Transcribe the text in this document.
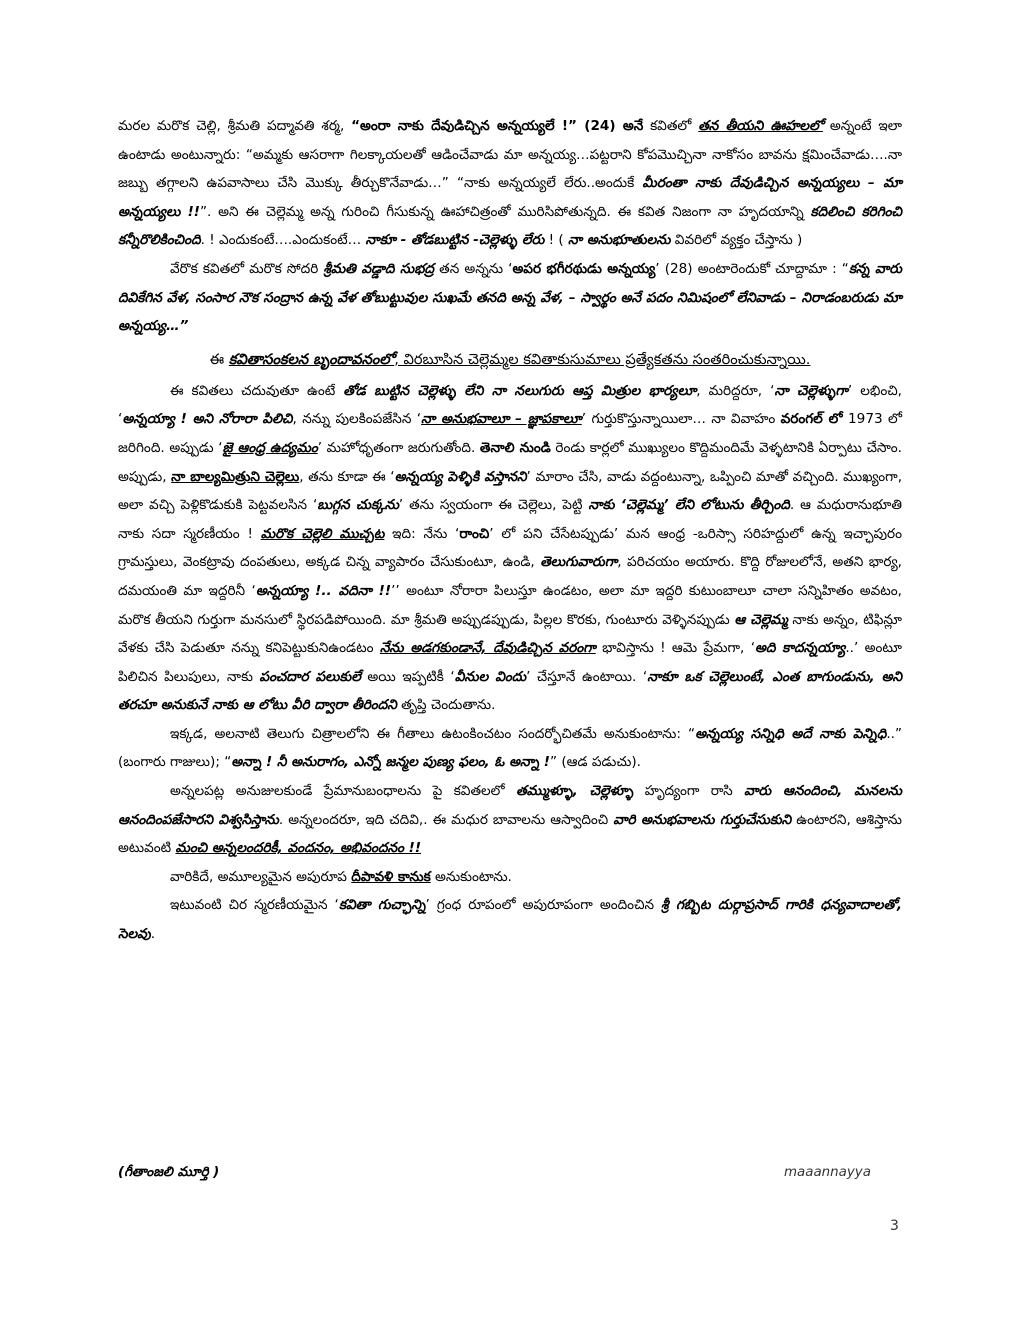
మరల మరొక చెల్లి, శ్రీమతి పద్మావతి శర్మ, “అంరా నాకు దేవుడిచ్చిన అన్నయ్యలే !” (24) అనే కవితలో తన తీయని ఊహలలో అన్నంటే ఇలా ఉంటాడు అంటున్నారు: “అమ్మకు ఆసరాగా గిలక్కాయలతో ఆడించేవాడు మా అన్నయ్య…పట్టరాని కోపమొచ్చినా నాకోసం బావను క్షమించేవాడు….నా జబ్బు తగ్గాలని ఉపవాసాలు చేసి మొక్కు తీర్చుకొనేవాడు…” “నాకు అన్నయ్యలే లేరు..అందుకే మీరంతా నాకు దేవుడిచ్చిన అన్నయ్యలు – మా అన్నయ్యలు !!”. అని ఈ చెల్లెమ్మ అన్న గురించి గీసుకున్న ఊహాచిత్రంతో మురిసిపోతున్నది. ఈ కవిత నిజంగా నా హృదయాన్ని కదిలించి కరిగించి కన్నీరొలికించింది. ! ఎందుకంటే….ఎందుకంటే… నాకూ - తోడబుట్టిన -చెల్లెళ్ళు లేరు ! ( నా అనుభూతులను వివరిలో వ్యక్తం చేస్తాను )

వేరొక కవితలో మరొక సోదరి శ్రీమతి వడ్డాది సుభద్ర తన అన్నను ‘అపర భగీరథుడు అన్నయ్య’ (28) అంటారెందుకో చూద్దామా : “కన్న వారు దివికేగిన వేళ, సంసార నౌక సంద్రాన ఉన్న వేళ తోబుట్టువుల సుఖమే తనది అన్న వేళ, – స్వార్థం అనే పదం నిమిషంలో లేనివాడు – నిరాడంబరుడు మా అన్నయ్య…”

ఈ కవితాసంకలన బృందావనంలో, విరబూసిన చెల్లెమ్మల కవితాకుసుమాలు ప్రత్యేకతను సంతరించుకున్నాయి.

ఈ కవితలు చదువుతూ ఉంటే తోడ బుట్టిన చెల్లెళ్ళు లేని నా నలుగురు ఆప్త మిత్రుల భార్యలూ, మరిద్దరూ, ‘నా చెల్లెళ్ళుగా’ లభించి, ‘అన్నయ్యా ! అని నోరారా పిలిచి, నన్ను పులకింపజేసిన ‘నా అనుభవాలూ – జ్ఞాపకాలూ’ గుర్తుకొస్తున్నాయిలా… నా వివాహం వరంగల్ లో 1973 లో జరిగింది. అప్పుడు ‘జై ఆంధ్ర ఉద్యమం’ మహోధృతంగా జరుగుతోంది. తెనాలి నుండి రెండు కార్లలో ముఖ్యులం కొద్దిమందిమే వెళ్ళటానికి ఏర్పాటు చేసాం. అప్పుడు, నా బాల్యమిత్రుని చెల్లెలు, తను కూడా ఈ ‘అన్నయ్య పెళ్ళికి వస్తానని’ మారాం చేసి, వాడు వద్దంటున్నా, ఒప్పించి మాతో వచ్చింది. ముఖ్యంగా, అలా వచ్చి పెళ్లికొడుకుకి పెట్టవలసిన ‘బుగ్గన చుక్కను’ తను స్వయంగా ఈ చెల్లెలు, పెట్టి నాకు ‘చెల్లెమ్మ’ లేని లోటును తీర్చింది. ఆ మధురానుభూతి నాకు సదా స్మరణీయం ! మరొక చెల్లెలి ముచ్చట ఇది: నేను ‘రాంచి’ లో పని చేసేటప్పుడు’ మన ఆంధ్ర -ఒరిస్సా సరిహద్దులో ఉన్న ఇచ్ఛాపురం గ్రామస్తులు, వెంకట్రావు దంపతులు, అక్కడ చిన్న వ్యాపారం చేసుకుంటూ, ఉండి, తెలుగువారుగా, పరిచయం అయారు. కొద్ది రోజులలోనే, అతని భార్య, దమయంతి మా ఇద్దరినీ ‘అన్నయ్యా !.. వదినా !!’’ అంటూ నోరారా పిలుస్తూ ఉండటం, అలా మా ఇద్దరి కుటుంబాలూ చాలా సన్నిహితం అవటం, మరొక తీయని గుర్తుగా మనసులో స్థిరపడిపోయింది. మా శ్రీమతి అప్పుడప్పుడు, పిల్లల కొరకు, గుంటూరు వెళ్ళినప్పుడు ఆ చెల్లెమ్మ నాకు అన్నం, టిఫిన్లూ వేళకు చేసి పెడుతూ నన్ను కనిపెట్టుకునిఉండటం నేను అడగకుండానే, దేవుడిచ్చిన వరంగా భావిస్తాను ! ఆమె ప్రేమగా, ‘అది కాదన్నయ్యా..’ అంటూ పిలిచిన పిలుపులు, నాకు పంచదార పలుకులే అయి ఇప్పటికీ ‘వీనుల విందు’ చేస్తూనే ఉంటాయి. ‘నాకూ ఒక చెల్లెలుంటే, ఎంత బాగుండును, అని తరచూ అనుకునే నాకు ఆ లోటు వీరి ద్వారా తీరిందని తృప్తి చెందుతాను.

ఇక్కడ, అలనాటి తెలుగు చిత్రాలలోని ఈ గీతాలు ఉటంకించటం సందర్భోచితమే అనుకుంటాను: “అన్నయ్య సన్నిధి అదే నాకు పెన్నిధి..” (బంగారు గాజులు); “అన్నా ! నీ అనురాగం, ఎన్నో జన్మల పుణ్య ఫలం, ఓ అన్నా !” (ఆడ పడుచు).

అన్నలపట్ల అనుజులకుండే ప్రేమానుబంధాలను పై కవితలలో తమ్ముళ్ళూ, చెల్లెళ్ళూ హృద్యంగా రాసి వారు ఆనందించి, మనలను ఆనందింపజేసారని విశ్వసిస్తాను. అన్నలందరూ, ఇది చదివి,. ఈ మధుర బావాలను ఆస్వాదించి వారి అనుభవాలను గుర్తుచేసుకుని ఉంటారని, ఆశిస్తాను అటువంటి మంచి అన్నలందరికీ, వందనం, అభివందనం !!

వారికిదే, అమూల్యమైన అపురూప దీపావళి కానుక అనుకుంటాను.

ఇటువంటి చిర స్మరణీయమైన ‘కవితా గుచ్ఛాన్ని’ గ్రంధ రూపంలో అపురూపంగా అందించిన శ్రీ గబ్బిట దుర్గాప్రసాద్ గారికి ధన్యవాదాలతో, సెలవు.

(గీతాంజలి మూర్తి )	maaannayya
3
